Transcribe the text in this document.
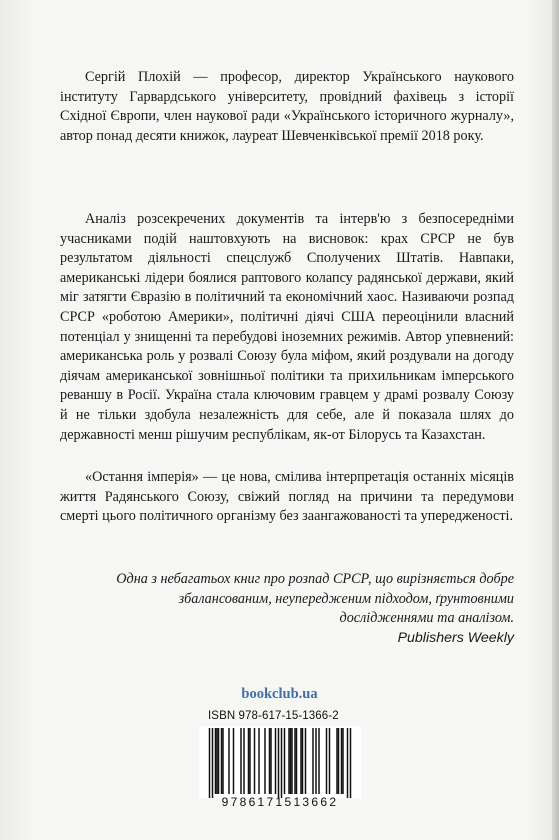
Сергій Плохій — професор, директор Українського наукового інституту Гарвардського університету, провідний фахівець з історії Східної Європи, член наукової ради «Українського історичного журналу», автор понад десяти книжок, лауреат Шевченківської премії 2018 року.

Аналіз розсекречених документів та інтерв'ю з безпосередніми учасниками подій наштовхують на висновок: крах СРСР не був результатом діяльності спецслужб Сполучених Штатів. Навпаки, американські лідери боялися раптового колапсу радянської держави, який міг затягти Євразію в політичний та економічний хаос. Називаючи розпад СРСР «роботою Америки», політичні діячі США переоцінили власний потенціал у знищенні та перебудові іноземних режимів. Автор упевнений: американська роль у розвалі Союзу була міфом, який роздували на догоду діячам американської зовнішньої політики та прихильникам імперського реваншу в Росії. Україна стала ключовим гравцем у драмі розвалу Союзу й не тільки здобула незалежність для себе, але й показала шлях до державності менш рішучим республікам, як-от Білорусь та Казахстан.

«Остання імперія» — це нова, смілива інтерпретація останніх місяців життя Радянського Союзу, свіжий погляд на причини та передумови смерті цього політичного організму без заангажованості та упередженості.

Одна з небагатьох книг про розпад СРСР, що вирізняється добре збалансованим, неупередженим підходом, ґрунтовними дослідженнями та аналізом.
Publishers Weekly

bookclub.ua
ISBN 978-617-15-1366-2
9786171513662
